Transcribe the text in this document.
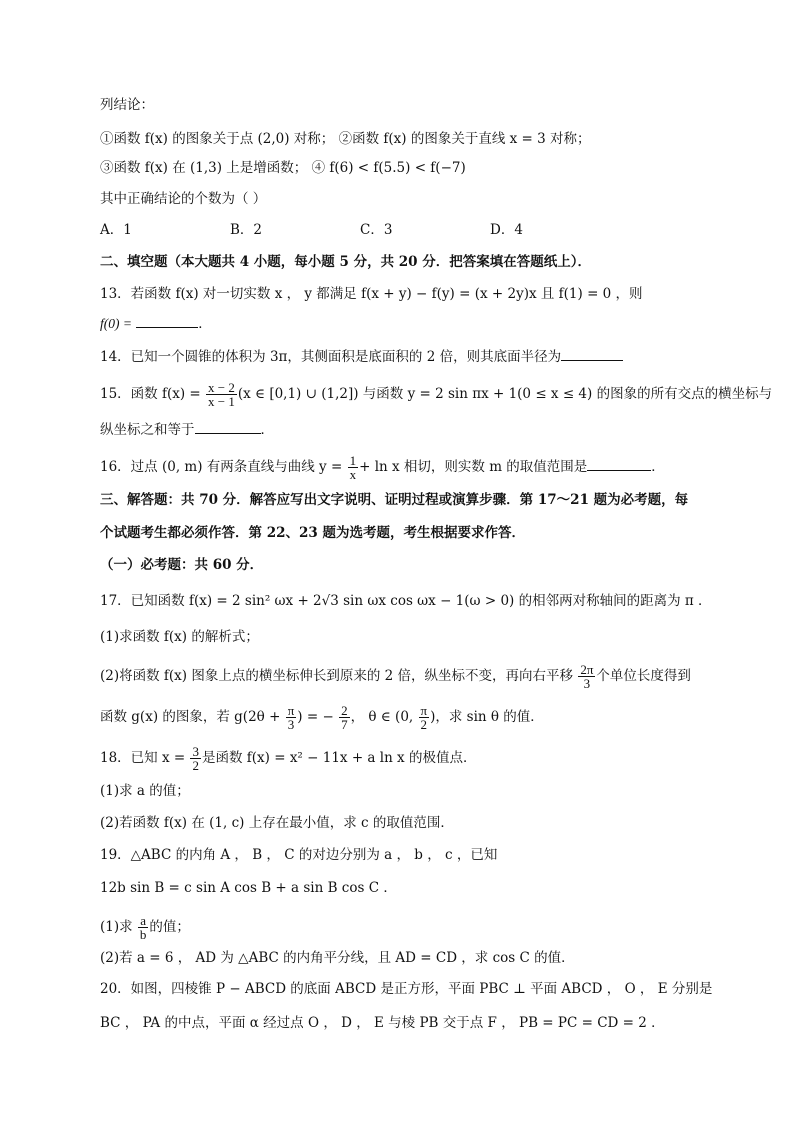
列结论：
①函数 f(x) 的图象关于点 (2,0) 对称； ②函数 f(x) 的图象关于直线 x = 3 对称；
③函数 f(x) 在 (1,3) 上是增函数； ④ f(6) < f(5.5) < f(−7)
其中正确结论的个数为（ ）
A．1	B．2	C．3	D．4
二、填空题（本大题共 4 小题，每小题 5 分，共 20 分．把答案填在答题纸上）．
13．若函数 f(x) 对一切实数 x ， y 都满足 f(x + y) − f(y) = (x + 2y)x 且 f(1) = 0 ，则
f(0) =	．
14．已知一个圆锥的体积为 3π，其侧面积是底面积的 2 倍，则其底面半径为
15．函数 $f(x) = \frac{x - 2}{x - 1} (x$ ∈ [0,1) ∪ (1,2]) 与函数 y = 2 sin πx + 1(0 ≤ x ≤ 4) 的图象的所有交点的横坐标与
纵坐标之和等于	．
16．过点 (0, m) 有两条直线与曲线 $y = \frac{1}{x} + \ln x$ 相切，则实数 m 的取值范围是	．
三、解答题：共 70 分．解答应写出文字说明、证明过程或演算步骤．第 17～21 题为必考题，每
个试题考生都必须作答．第 22、23 题为选考题，考生根据要求作答．
（一）必考题：共 60 分．
17．已知函数 f(x) = 2 sin² ωx + 2√3 sin ωx cos ωx − 1(ω > 0) 的相邻两对称轴间的距离为 π ．
(1)求函数 f(x) 的解析式；
(2)将函数 f(x) 图象上点的横坐标伸长到原来的 2 倍，纵坐标不变，再向右平移 $\frac{2\pi}{3}$ 个单位长度得到
函数 g(x) 的图象，若 $g(2\theta + \frac{\pi}{3}$ ) = − $\frac{2}{7}$ ， θ ∈ (0, $\frac{\pi}{2}$ )，求 sin θ 的值．
18．已知 $x = \frac{3}{2}$ 是函数 f(x) = x² − 11x + a ln x 的极值点．
(1)求 a 的值；
(2)若函数 f(x) 在 (1, c) 上存在最小值，求 c 的取值范围．
19．△ABC 的内角 A ， B ， C 的对边分别为 a ， b ， c ，已知
12b sin B = c sin A cos B + a sin B cos C ．
(1)求 $\frac{a}{b}$ 的值；
(2)若 a = 6 ， AD 为 △ABC 的内角平分线，且 AD = CD ，求 cos C 的值．
20．如图，四棱锥 P − ABCD 的底面 ABCD 是正方形，平面 PBC ⊥ 平面 ABCD ， O ， E 分别是
BC ， PA 的中点，平面 α 经过点 O ， D ， E 与棱 PB 交于点 F ， PB = PC = CD = 2 ．
